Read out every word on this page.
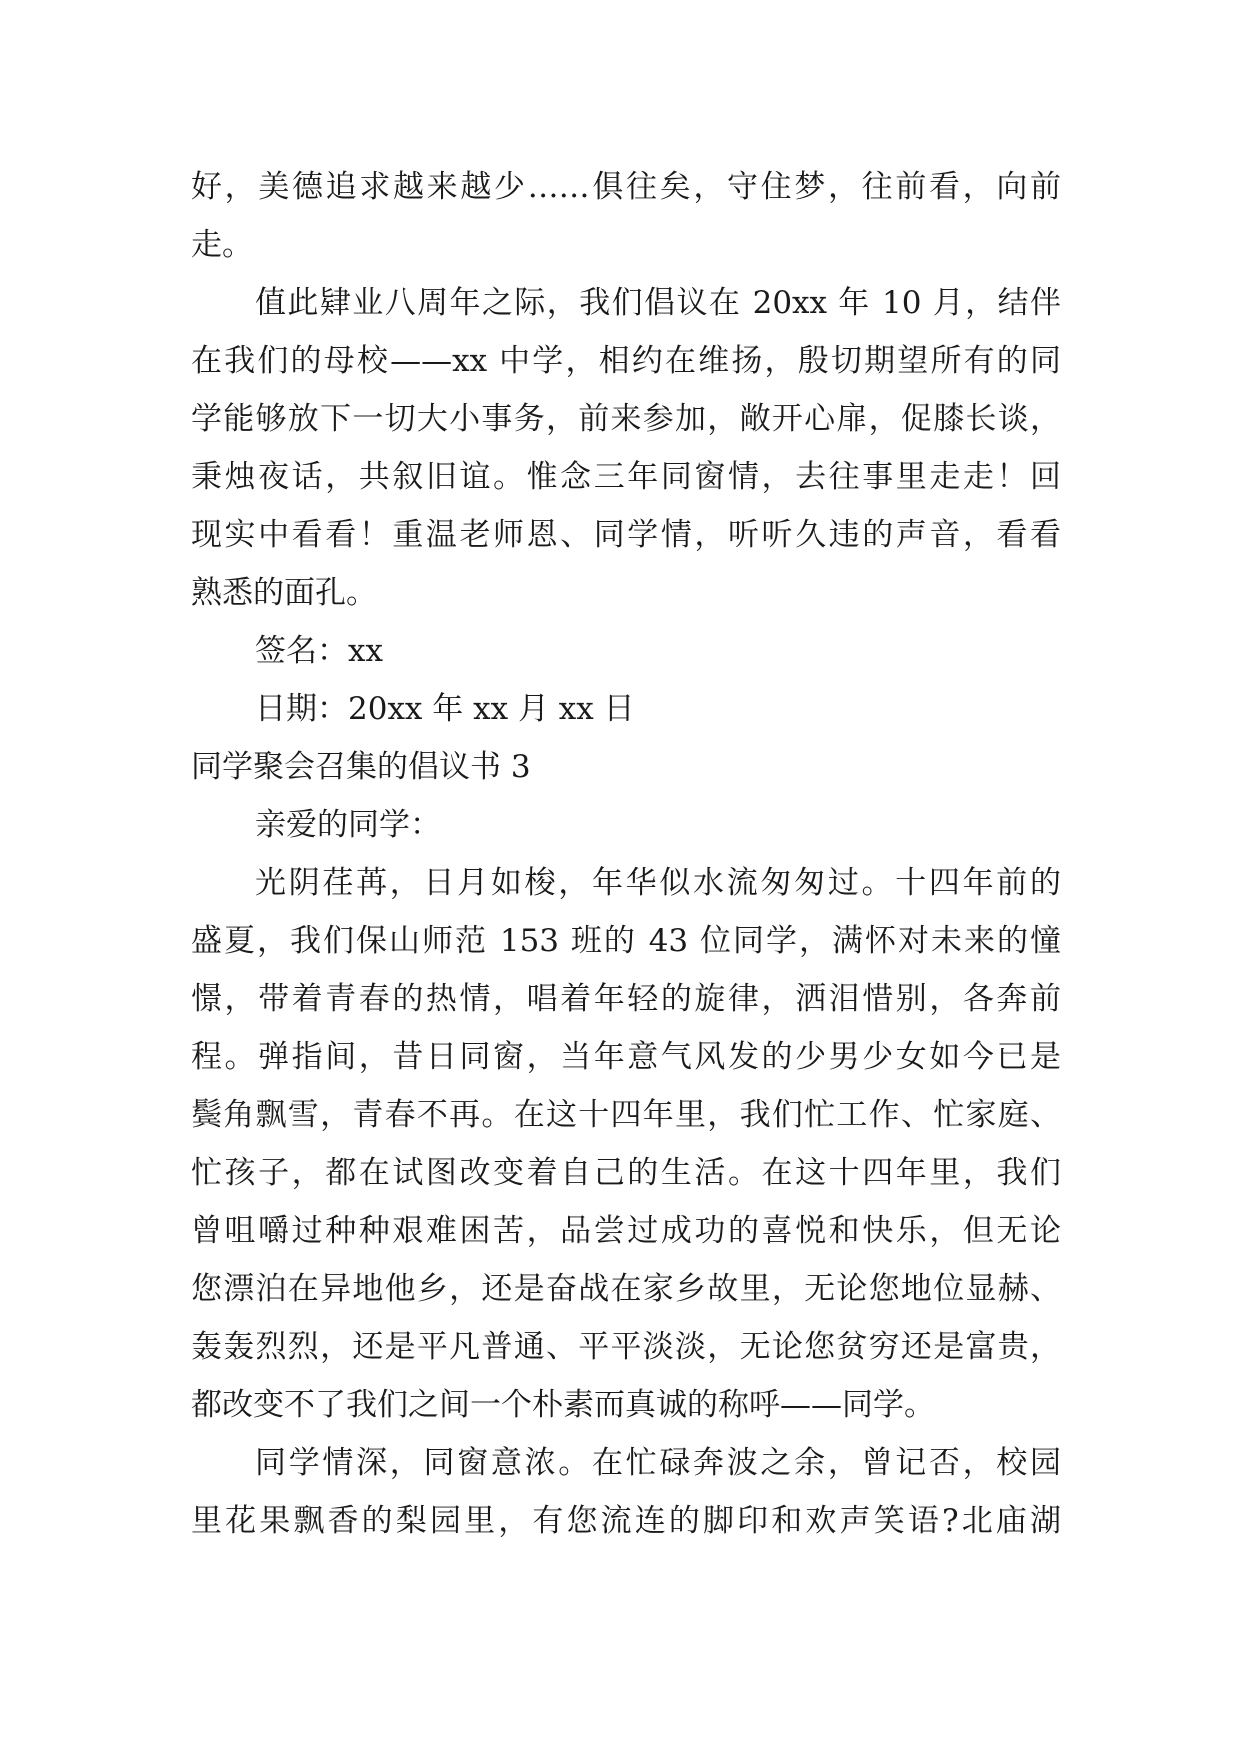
好，美德追求越来越少……俱往矣，守住梦，往前看，向前
走。
值此肄业八周年之际，我们倡议在 20xx 年 10 月，结伴
在我们的母校——xx 中学，相约在维扬，殷切期望所有的同
学能够放下一切大小事务，前来参加，敞开心扉，促膝长谈，
秉烛夜话，共叙旧谊。惟念三年同窗情，去往事里走走！回
现实中看看！重温老师恩、同学情，听听久违的声音，看看
熟悉的面孔。
签名：xx
日期：20xx 年 xx 月 xx 日
同学聚会召集的倡议书 3
亲爱的同学：
光阴荏苒，日月如梭，年华似水流匆匆过。十四年前的
盛夏，我们保山师范 153 班的 43 位同学，满怀对未来的憧
憬，带着青春的热情，唱着年轻的旋律，洒泪惜别，各奔前
程。弹指间，昔日同窗，当年意气风发的少男少女如今已是
鬓角飘雪，青春不再。在这十四年里，我们忙工作、忙家庭、
忙孩子，都在试图改变着自己的生活。在这十四年里，我们
曾咀嚼过种种艰难困苦，品尝过成功的喜悦和快乐，但无论
您漂泊在异地他乡，还是奋战在家乡故里，无论您地位显赫、
轰轰烈烈，还是平凡普通、平平淡淡，无论您贫穷还是富贵，
都改变不了我们之间一个朴素而真诚的称呼——同学。
同学情深，同窗意浓。在忙碌奔波之余，曾记否，校园
里花果飘香的梨园里，有您流连的脚印和欢声笑语?北庙湖
